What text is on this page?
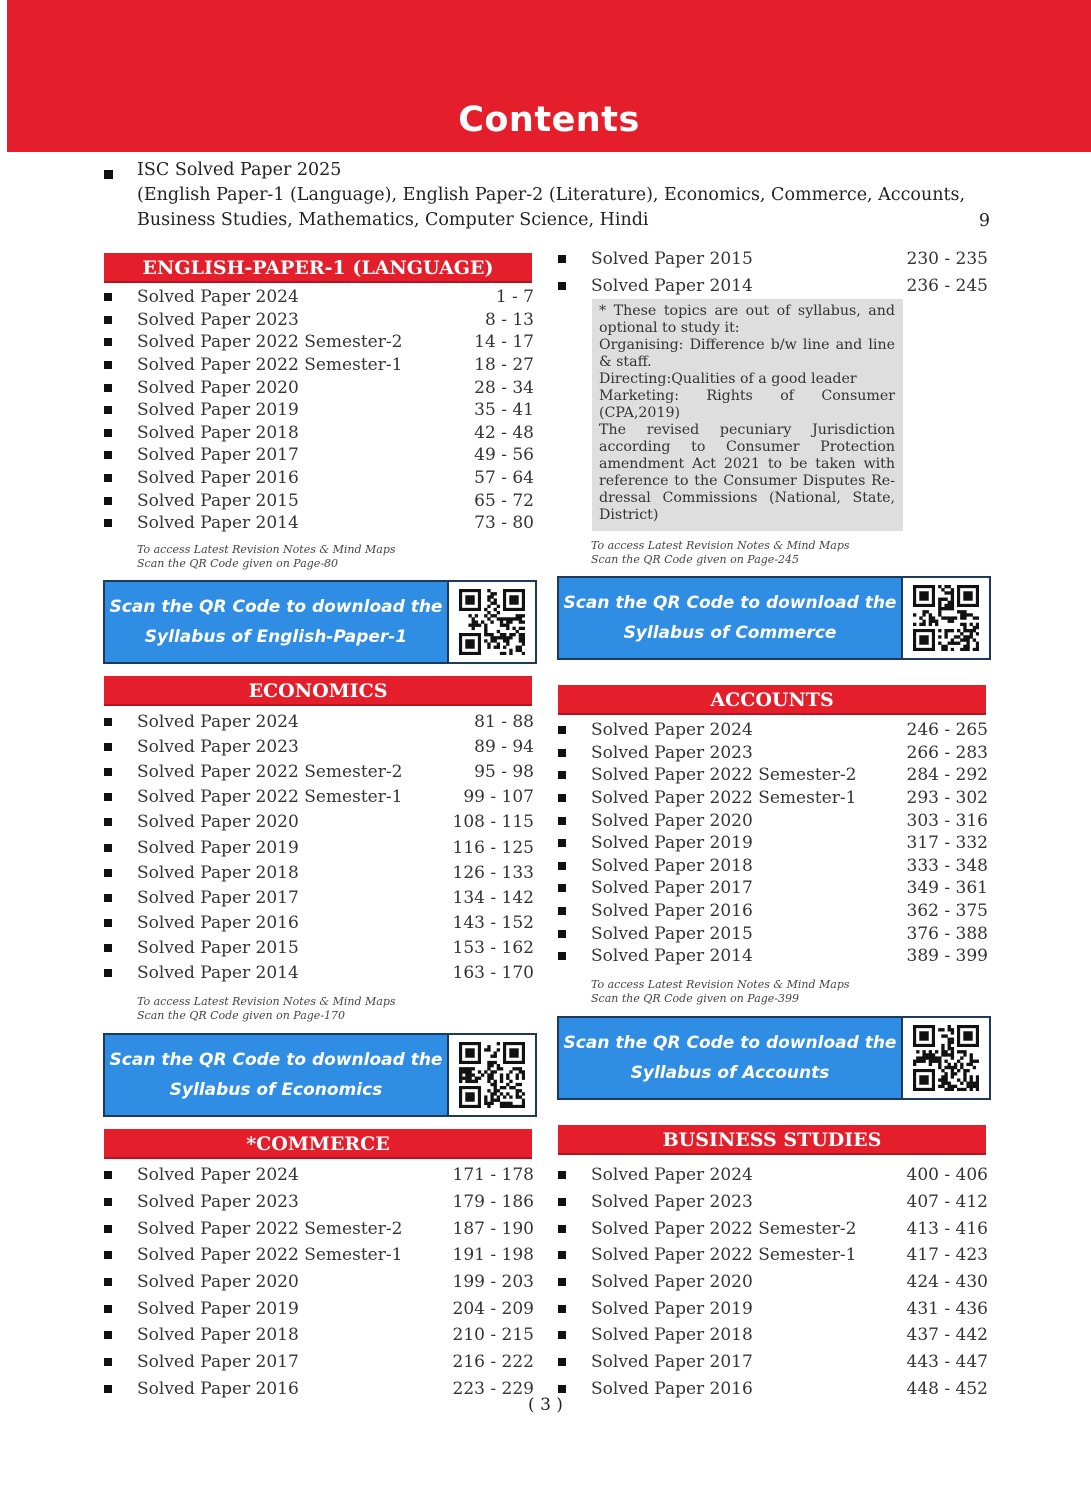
Contents
ISC Solved Paper 2025
(English Paper-1 (Language), English Paper-2 (Literature), Economics, Commerce, Accounts,
Business Studies, Mathematics, Computer Science, Hindi	9
ENGLISH-PAPER-1 (LANGUAGE)
Solved Paper 2024	1 - 7
Solved Paper 2023	8 - 13
Solved Paper 2022 Semester-2	14 - 17
Solved Paper 2022 Semester-1	18 - 27
Solved Paper 2020	28 - 34
Solved Paper 2019	35 - 41
Solved Paper 2018	42 - 48
Solved Paper 2017	49 - 56
Solved Paper 2016	57 - 64
Solved Paper 2015	65 - 72
Solved Paper 2014	73 - 80
To access Latest Revision Notes & Mind Maps
Scan the QR Code given on Page-80
Scan the QR Code to download the
Syllabus of English-Paper-1
ECONOMICS
Solved Paper 2024	81 - 88
Solved Paper 2023	89 - 94
Solved Paper 2022 Semester-2	95 - 98
Solved Paper 2022 Semester-1	99 - 107
Solved Paper 2020	108 - 115
Solved Paper 2019	116 - 125
Solved Paper 2018	126 - 133
Solved Paper 2017	134 - 142
Solved Paper 2016	143 - 152
Solved Paper 2015	153 - 162
Solved Paper 2014	163 - 170
To access Latest Revision Notes & Mind Maps
Scan the QR Code given on Page-170
Scan the QR Code to download the
Syllabus of Economics
*COMMERCE
Solved Paper 2024	171 - 178
Solved Paper 2023	179 - 186
Solved Paper 2022 Semester-2	187 - 190
Solved Paper 2022 Semester-1	191 - 198
Solved Paper 2020	199 - 203
Solved Paper 2019	204 - 209
Solved Paper 2018	210 - 215
Solved Paper 2017	216 - 222
Solved Paper 2016	223 - 229
Solved Paper 2015	230 - 235
Solved Paper 2014	236 - 245

* These topics are out of syllabus, and optional to study it:

Organising: Difference b/w line and line & staff.

Directing:Qualities of a good leader

Marketing: Rights of Consumer (CPA,2019)

The revised pecuniary Jurisdiction according to Consumer Protection amendment Act 2021 to be taken with reference to the Consumer Disputes Re-dressal Commissions (National, State, District)

To access Latest Revision Notes & Mind Maps
Scan the QR Code given on Page-245
Scan the QR Code to download the
Syllabus of Commerce
ACCOUNTS
Solved Paper 2024	246 - 265
Solved Paper 2023	266 - 283
Solved Paper 2022 Semester-2	284 - 292
Solved Paper 2022 Semester-1	293 - 302
Solved Paper 2020	303 - 316
Solved Paper 2019	317 - 332
Solved Paper 2018	333 - 348
Solved Paper 2017	349 - 361
Solved Paper 2016	362 - 375
Solved Paper 2015	376 - 388
Solved Paper 2014	389 - 399
To access Latest Revision Notes & Mind Maps
Scan the QR Code given on Page-399
Scan the QR Code to download the
Syllabus of Accounts
BUSINESS STUDIES
Solved Paper 2024	400 - 406
Solved Paper 2023	407 - 412
Solved Paper 2022 Semester-2	413 - 416
Solved Paper 2022 Semester-1	417 - 423
Solved Paper 2020	424 - 430
Solved Paper 2019	431 - 436
Solved Paper 2018	437 - 442
Solved Paper 2017	443 - 447
Solved Paper 2016	448 - 452
( 3 )
